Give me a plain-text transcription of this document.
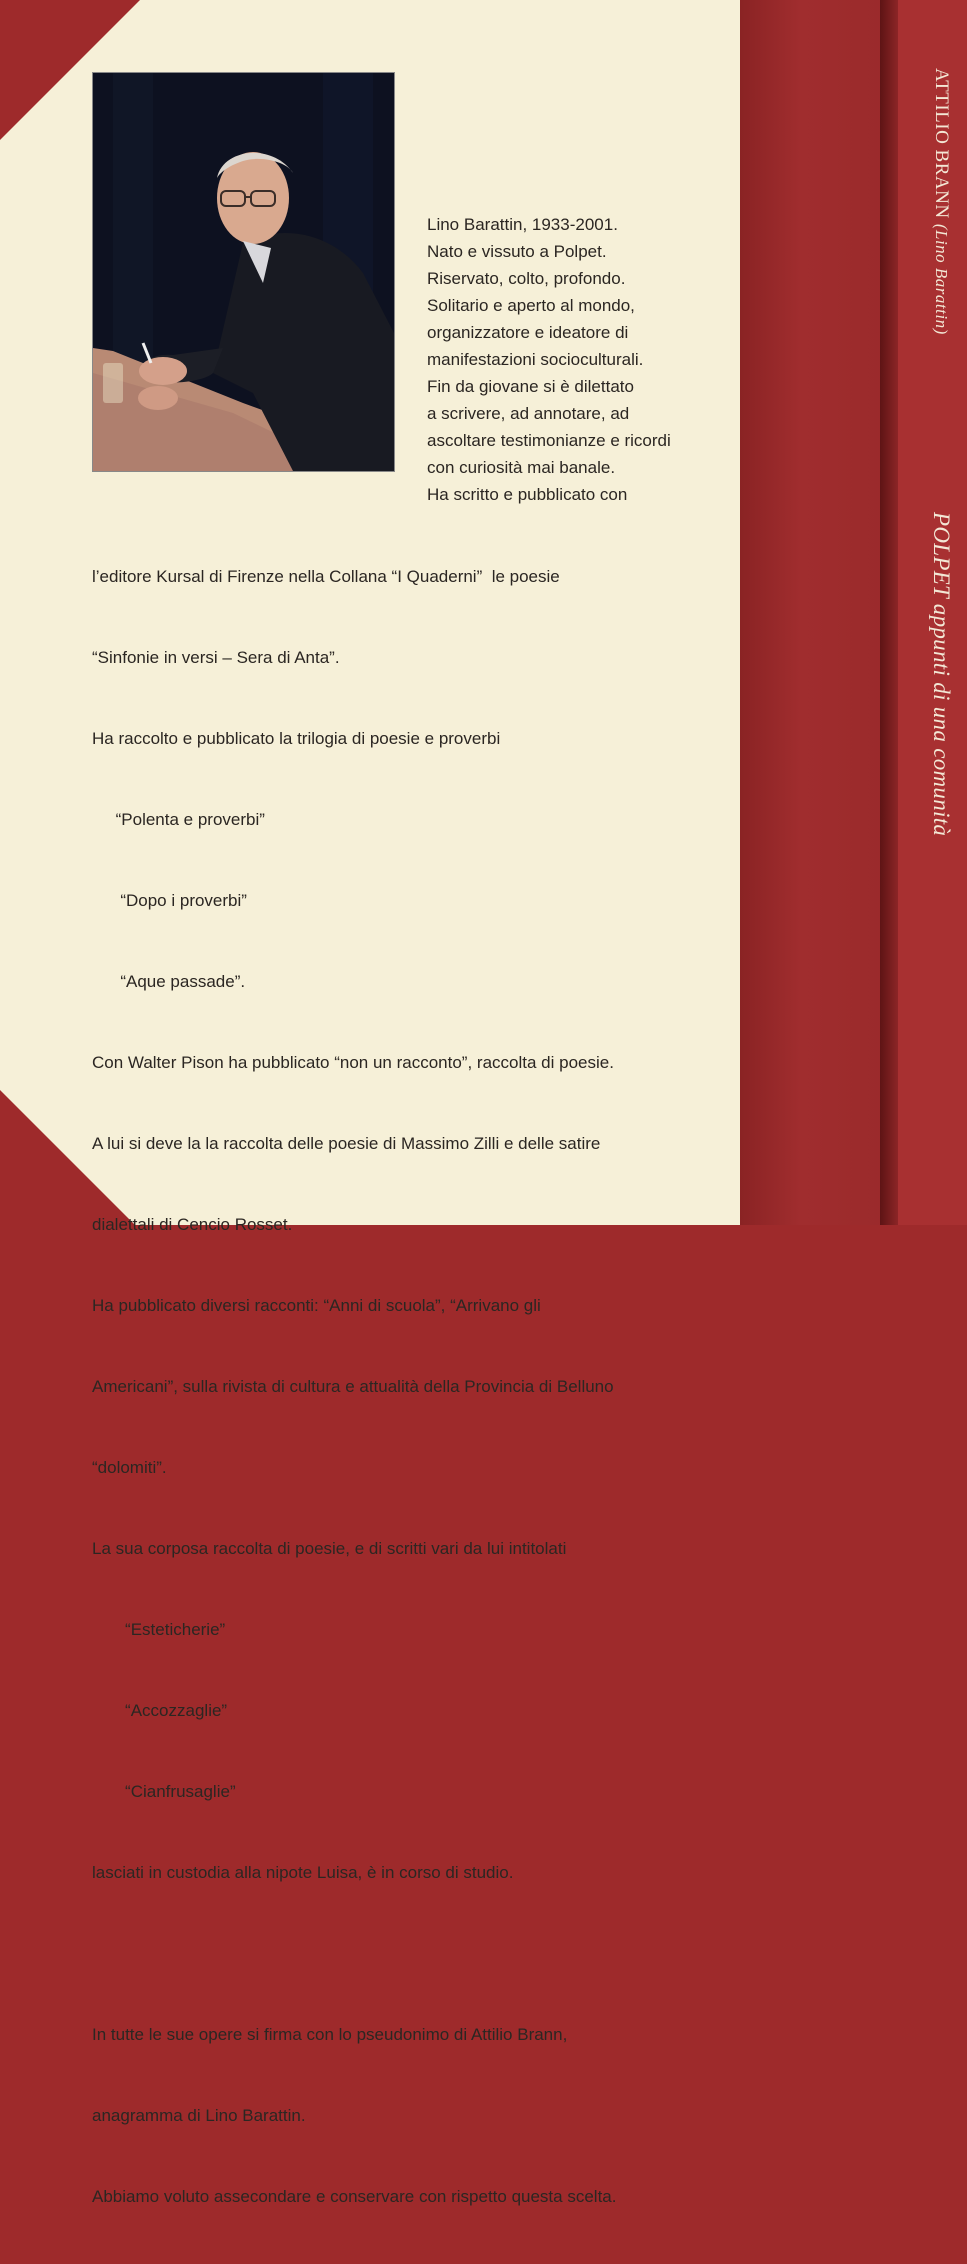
Lino Barattin, 1933-2001.
Nato e vissuto a Polpet.
Riservato, colto, profondo.
Solitario e aperto al mondo,
organizzatore e ideatore di
manifestazioni socioculturali.
Fin da giovane si è dilettato
a scrivere, ad annotare, ad
ascoltare testimonianze e ricordi
con curiosità mai banale.
Ha scritto e pubblicato con

l’editore Kursal di Firenze nella Collana “I Quaderni”  le poesie

“Sinfonie in versi – Sera di Anta”.

Ha raccolto e pubblicato la trilogia di poesie e proverbi

“Polenta e proverbi”

“Dopo i proverbi”

“Aque passade”.

Con Walter Pison ha pubblicato “non un racconto”, raccolta di poesie.

A lui si deve la la raccolta delle poesie di Massimo Zilli e delle satire

dialettali di Cencio Rosset.

Ha pubblicato diversi racconti: “Anni di scuola”, “Arrivano gli

Americani”, sulla rivista di cultura e attualità della Provincia di Belluno

“dolomiti”.

La sua corposa raccolta di poesie, e di scritti vari da lui intitolati

“Esteticherie”

“Accozzaglie”

“Cianfrusaglie”

lasciati in custodia alla nipote Luisa, è in corso di studio.

In tutte le sue opere si firma con lo pseudonimo di Attilio Brann,

anagramma di Lino Barattin.

Abbiamo voluto assecondare e conservare con rispetto questa scelta.

ATTILIO BRANN (Lino Barattin)
POLPET appunti di una comunità
